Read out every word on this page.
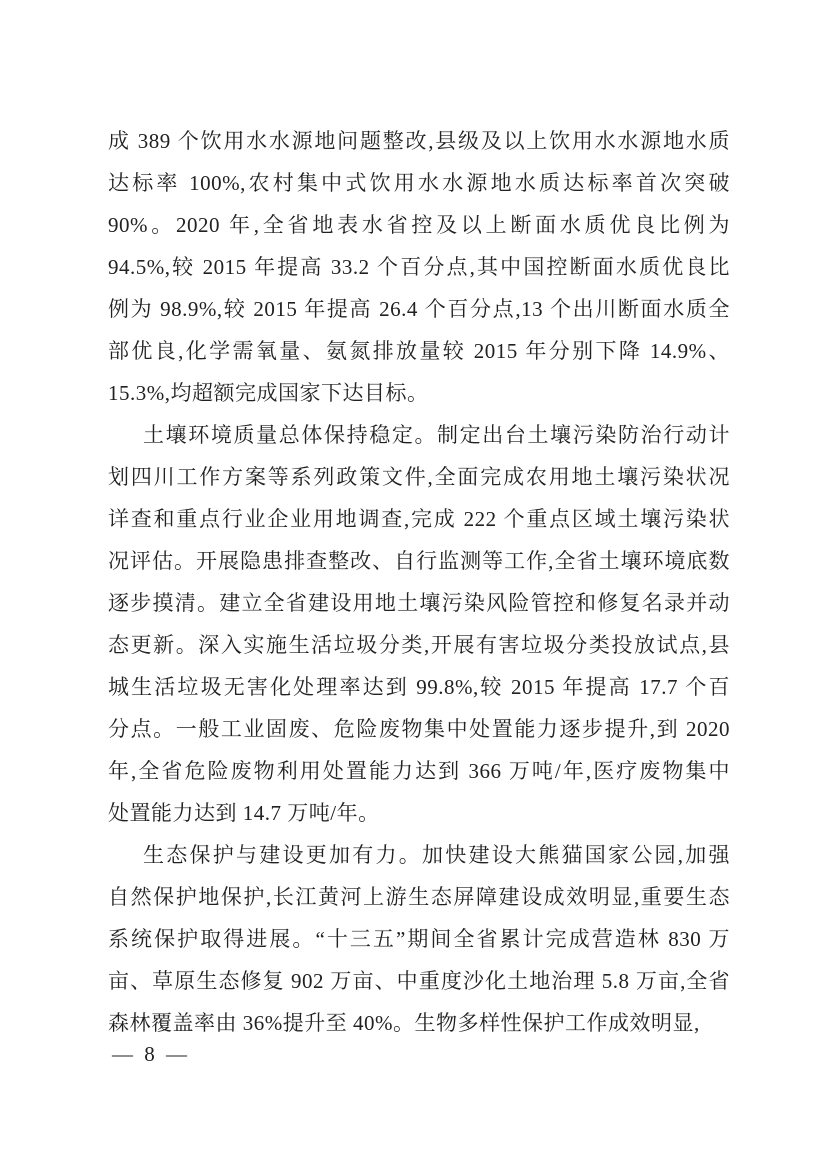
成 389 个饮用水水源地问题整改,县级及以上饮用水水源地水质
达标率 100%,农村集中式饮用水水源地水质达标率首次突破
90%。2020 年,全省地表水省控及以上断面水质优良比例为
94.5%,较 2015 年提高 33.2 个百分点,其中国控断面水质优良比
例为 98.9%,较 2015 年提高 26.4 个百分点,13 个出川断面水质全
部优良,化学需氧量、氨氮排放量较 2015 年分别下降 14.9%、
15.3%,均超额完成国家下达目标。
土壤环境质量总体保持稳定。制定出台土壤污染防治行动计
划四川工作方案等系列政策文件,全面完成农用地土壤污染状况
详查和重点行业企业用地调查,完成 222 个重点区域土壤污染状
况评估。开展隐患排查整改、自行监测等工作,全省土壤环境底数
逐步摸清。建立全省建设用地土壤污染风险管控和修复名录并动
态更新。深入实施生活垃圾分类,开展有害垃圾分类投放试点,县
城生活垃圾无害化处理率达到 99.8%,较 2015 年提高 17.7 个百
分点。一般工业固废、危险废物集中处置能力逐步提升,到 2020
年,全省危险废物利用处置能力达到 366 万吨/年,医疗废物集中
处置能力达到 14.7 万吨/年。
生态保护与建设更加有力。加快建设大熊猫国家公园,加强
自然保护地保护,长江黄河上游生态屏障建设成效明显,重要生态
系统保护取得进展。“十三五”期间全省累计完成营造林 830 万
亩、草原生态修复 902 万亩、中重度沙化土地治理 5.8 万亩,全省
森林覆盖率由 36%提升至 40%。生物多样性保护工作成效明显,
— 8 —
